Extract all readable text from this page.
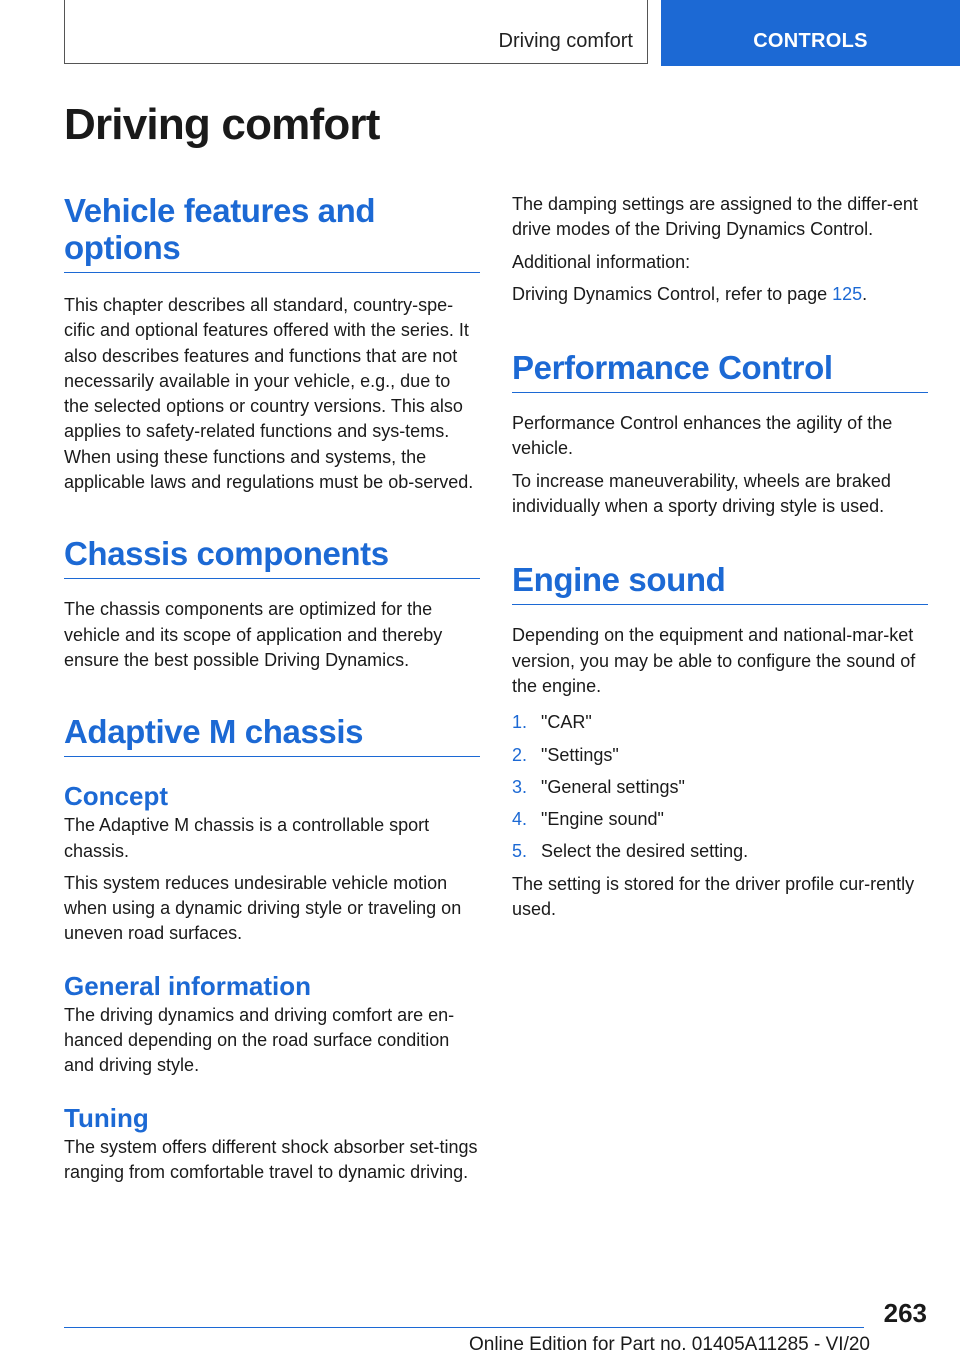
Driving comfort	CONTROLS
Driving comfort
Vehicle features and options

This chapter describes all standard, country-spe‐cific and optional features offered with the series. It also describes features and functions that are not necessarily available in your vehicle, e.g., due to the selected options or country versions. This also applies to safety-related functions and sys‐tems. When using these functions and systems, the applicable laws and regulations must be ob‐served.

Chassis components

The chassis components are optimized for the vehicle and its scope of application and thereby ensure the best possible Driving Dynamics.

Adaptive M chassis
Concept

The Adaptive M chassis is a controllable sport chassis.

This system reduces undesirable vehicle motion when using a dynamic driving style or traveling on uneven road surfaces.

General information

The driving dynamics and driving comfort are en‐hanced depending on the road surface condition and driving style.

Tuning

The system offers different shock absorber set‐tings ranging from comfortable travel to dynamic driving.

The damping settings are assigned to the differ‐ent drive modes of the Driving Dynamics Control.

Additional information:

Driving Dynamics Control, refer to page 125.

Performance Control

Performance Control enhances the agility of the vehicle.

To increase maneuverability, wheels are braked individually when a sporty driving style is used.

Engine sound

Depending on the equipment and national-mar‐ket version, you may be able to configure the sound of the engine.

1. "CAR"
2. "Settings"
3. "General settings"
4. "Engine sound"
5. Select the desired setting.

The setting is stored for the driver profile cur‐rently used.

263
Online Edition for Part no. 01405A11285 - VI/20
